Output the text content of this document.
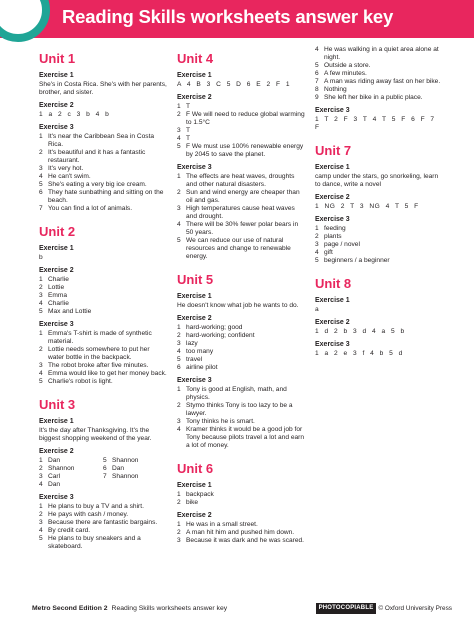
Reading Skills worksheets answer key
Unit 1
Exercise 1
She's in Costa Rica. She's with her parents, brother, and sister.
Exercise 2
1 a 2 c 3 b 4 b
Exercise 3
1 It's near the Caribbean Sea in Costa Rica.
2 It's beautiful and it has a fantastic restaurant.
3 It's very hot.
4 He can't swim.
5 She's eating a very big ice cream.
6 They hate sunbathing and sitting on the beach.
7 You can find a lot of animals.
Unit 2
Exercise 1
b
Exercise 2
1 Charlie
2 Lottie
3 Emma
4 Charlie
5 Max and Lottie
Exercise 3
1 Emma's T-shirt is made of synthetic material.
2 Lottie needs somewhere to put her water bottle in the backpack.
3 The robot broke after five minutes.
4 Emma would like to get her money back.
5 Charlie's robot is light.
Unit 3
Exercise 1
It's the day after Thanksgiving. It's the biggest shopping weekend of the year.
Exercise 2
1 Dan
2 Shannon
3 Carl
4 Dan
5 Shannon
6 Dan
7 Shannon
Exercise 3
1 He plans to buy a TV and a shirt.
2 He pays with cash / money.
3 Because there are fantastic bargains.
4 By credit card.
5 He plans to buy sneakers and a skateboard.
Unit 4
Exercise 1
A 4 B 3 C 5 D 6 E 2 F 1
Exercise 2
1 T
2 F We will need to reduce global warming to 1.5°C
3 T
4 T
5 F We must use 100% renewable energy by 2045 to save the planet.
Exercise 3
1 The effects are heat waves, droughts and other natural disasters.
2 Sun and wind energy are cheaper than oil and gas.
3 High temperatures cause heat waves and drought.
4 There will be 30% fewer polar bears in 50 years.
5 We can reduce our use of natural resources and change to renewable energy.
Unit 5
Exercise 1
He doesn't know what job he wants to do.
Exercise 2
1 hard-working; good
2 hard-working; confident
3 lazy
4 too many
5 travel
6 airline pilot
Exercise 3
1 Tony is good at English, math, and physics.
2 Stymo thinks Tony is too lazy to be a lawyer.
3 Tony thinks he is smart.
4 Kramer thinks it would be a good job for Tony because pilots travel a lot and earn a lot of money.
Unit 6
Exercise 1
1 backpack
2 bike
Exercise 2
1 He was in a small street.
2 A man hit him and pushed him down.
3 Because it was dark and he was scared.
4 He was walking in a quiet area alone at night.
5 Outside a store.
6 A few minutes.
7 A man was riding away fast on her bike.
8 Nothing
9 She left her bike in a public place.
Exercise 3
1 T 2 F 3 T 4 T 5 F 6 F 7 F
Unit 7
Exercise 1
camp under the stars, go snorkeling, learn to dance, write a novel
Exercise 2
1 NG 2 T 3 NG 4 T 5 F
Exercise 3
1 feeding
2 plants
3 page / novel
4 gift
5 beginners / a beginner
Unit 8
Exercise 1
a
Exercise 2
1 d 2 b 3 d 4 a 5 b
Exercise 3
1 a 2 e 3 f 4 b 5 d
Metro Second Edition 2 Reading Skills worksheets answer key	PHOTOCOPIABLE © Oxford University Press
